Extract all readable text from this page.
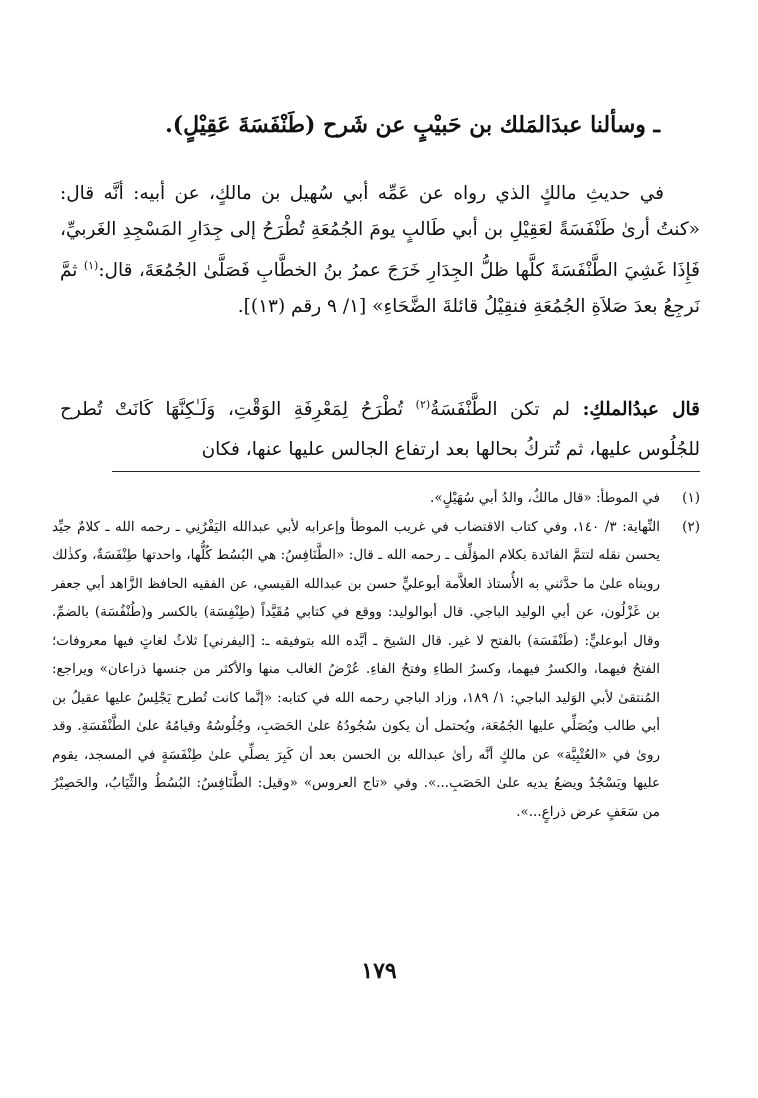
ـ وسألنا عبدَالمَلك بن حَبيْبٍ عن شَرح (طَنْفَسَةَ عَقِيْلٍ).
في حديثِ مالكٍ الذي رواه عن عَمِّه أبي سُهيل بن مالكٍ، عن أبيه: أنَّه قال: «كنتُ أرىٰ طَنْفَسَةً لعَقِيْلِ بن أبي طَالبٍ يومَ الجُمُعَةِ تُطْرَحُ إلى جِدَارِ المَسْجِدِ الغَربيِّ، فَإِذَا غَشِيَ الطَّنْفَسَةَ كلَّها ظلُّ الجِدَارِ خَرَجَ عمرُ بنُ الخطَّابِ فَصَلَّىٰ الجُمُعَةَ، قال:$^{(١)}$ ثمَّ نَرجِعُ بعدَ صَلاَةِ الجُمُعَةِ فنقِيْلُ قائلةَ الضَّحَاءِ» [١/ ٩ رقم (١٣)].
قال عبدُالملكِ: لم تكن الطَّنْفَسَةُ$^{(٢)}$ تُطْرَحُ لِمَعْرِفَةِ الوَقْتِ، وَلَـٰكِنَّهَا كَانَتْ تُطرح للجُلُوس عليها، ثم تُتركُ بحالها بعد ارتفاع الجالس عليها عنها، فكان
(١)
في الموطأ: «قال مالكٌ، والدُ أبي سُهَيْلٍ».
(٢)
النِّهاية: ٣/ ١٤٠، وفي كتاب الاقتضاب في غريب الموطأ وإعرابه لأبي عبدالله اليَفْرُنِي ـ رحمه الله ـ كلامٌ جيِّد يحسن نقله لتتمَّ الفائدة بكلام المؤلِّف ـ رحمه الله ـ قال: «الطَّنَافِسُ: هي البُسُط كُلُّها، واحدتها طِنْفَسَةٌ، وكذٰلك رويناه علىٰ ما حدَّثني به الأُستاذ العلاَّمة أبوعليٍّ حسن بن عبدالله القيسي، عن الفقيه الحافظ الزَّاهد أبي جعفر بن غَزْلُون، عن أبي الوليد الباجي. قال أبوالوليد: ووقع في كتابي مُقَيَّداً (طِنْفِسَة) بالكسر و(طُنْفُسَة) بالضمِّ. وقال أبوعليٍّ: (طَنْفَسَة) بالفتح لا غير. قال الشيخ ـ أيَّده الله بتوفيقه ـ: [اليفرني] ثلاثُ لغاتٍ فيها معروفات؛ الفتحُ فيهما، والكسرُ فيهما، وكسرُ الطاءِ وفتحُ الفاءِ. عُرْضُ الغالب منها والأكثر من جنسها ذراعان» ويراجع: المُنتقىٰ لأبي الوَليد الباجي: ١/ ١٨٩، وزاد الباجي رحمه الله في كتابه: «إنَّما كانت تُطرح يَجْلِسُ عليها عقيلُ بن أبي طالب ويُصَلِّي عليها الجُمُعَة، ويُحتمل أن يكون سُجُودُهُ علىٰ الحَصَبِ، وجُلُوسُهُ وقيامُهُ علىٰ الطَّنْفَسَةِ. وقد روىٰ في «العُتْبِيَّة» عن مالكٍ أنَّه رأىٰ عبدالله بن الحسن بعد أن كَبِرَ يصلِّي علىٰ طِنْفَسَةٍ في المسجد، يقوم عليها ويَسْجُدُ ويضعُ يديه علىٰ الحَصَبِ...». وفي «تاج العروس» «وقيل: الطَّنَافِسُ: البُسُطُ والثِّيَابُ، والحَصِيْرُ من سَعَفٍ عرض ذراعٍ...».
١٧٩
